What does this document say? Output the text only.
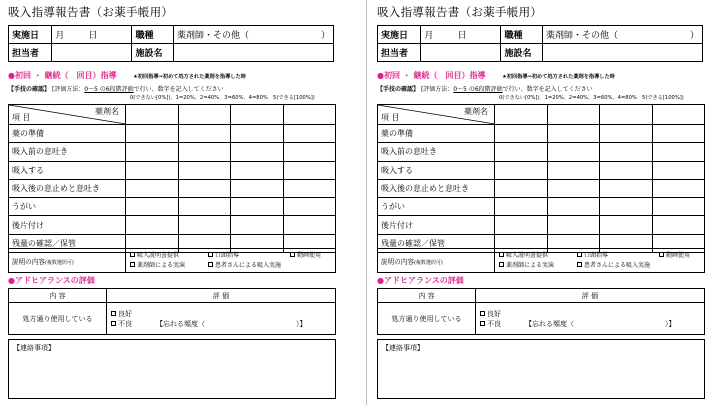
吸入指導報告書（お薬手帳用）
実施日	月　　日	職種	薬剤師・その他（　　　　　　　　）
担当者		施設名	
●初回 ・ 継続（　回目）指導	★初回指導⇒初めて処方された薬剤を指導した時
【手技の確認】 [評価方法：0～5 の6段階評価で行い、数字を記入してください
0(できない[0%])、1=20%、2=40%、3=60%、4=80%　5(できる[100%])
薬剤名
項 目				

薬の準備				
吸入前の息吐き				
吸入する				
吸入後の息止めと息吐き				
うがい				
後片付け				
残量の確認／保管				
説明の内容(複数選択可)
吸入説明書提供	口頭指導	動画使用
薬剤師による実演	患者さんによる吸入実施
●アドヒアランスの評価
内 容	評 価
処方通り使用している	良好
不良 【忘れる頻度（　　　　　　　　　　　　　）】
【連絡事項】
吸入指導報告書（お薬手帳用）
実施日	月　　日	職種	薬剤師・その他（　　　　　　　　）
担当者		施設名	
●初回 ・ 継続（　回目）指導	★初回指導⇒初めて処方された薬剤を指導した時
【手技の確認】 [評価方法：0～5 の6段階評価で行い、数字を記入してください
0(できない[0%])、1=20%、2=40%、3=60%、4=80%　5(できる[100%])
薬剤名
項 目				

薬の準備				
吸入前の息吐き				
吸入する				
吸入後の息止めと息吐き				
うがい				
後片付け				
残量の確認／保管				
説明の内容(複数選択可)
吸入説明書提供	口頭指導	動画使用
薬剤師による実演	患者さんによる吸入実施
●アドヒアランスの評価
内 容	評 価
処方通り使用している	良好
不良 【忘れる頻度（　　　　　　　　　　　　　）】
【連絡事項】
